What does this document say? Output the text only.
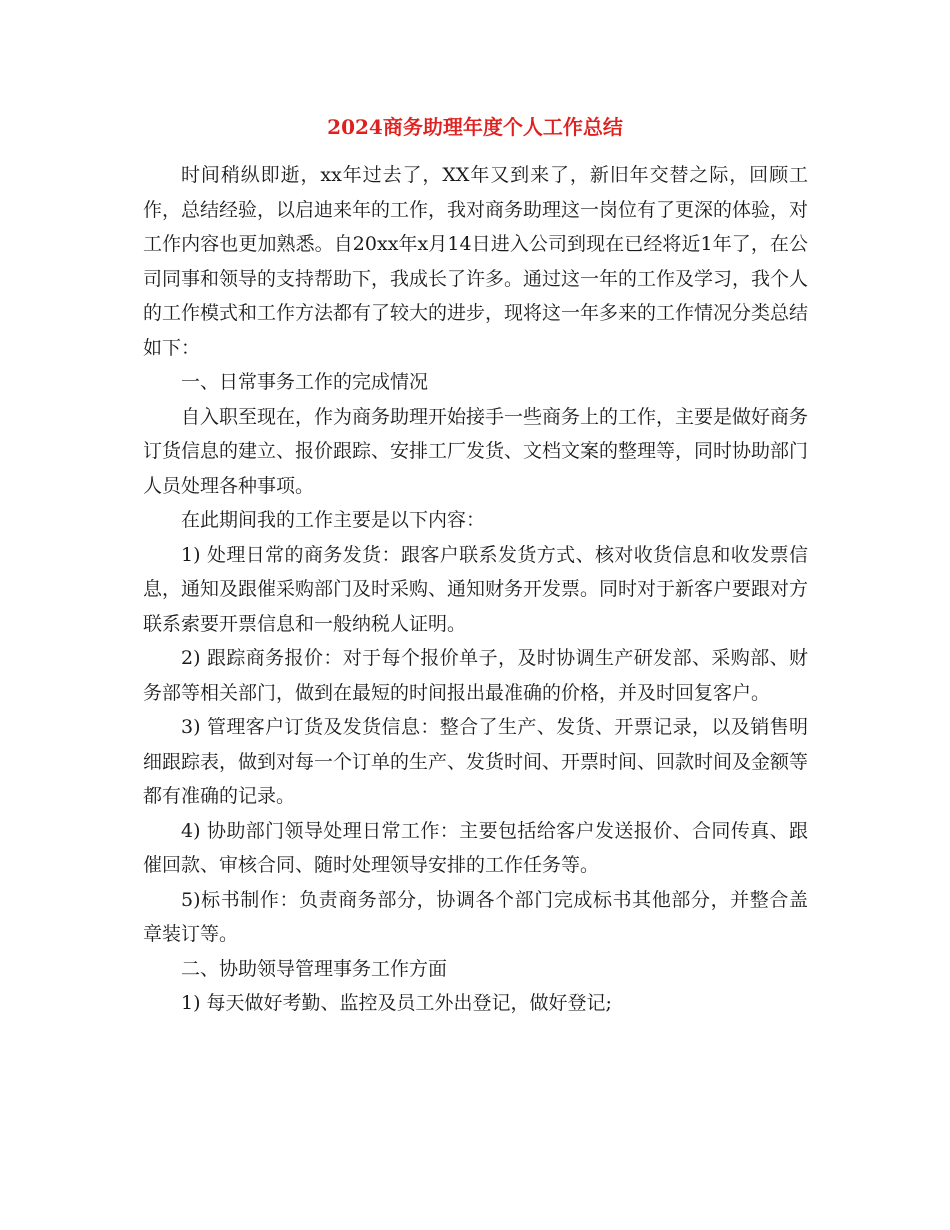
2024商务助理年度个人工作总结

时间稍纵即逝，xx年过去了，XX年又到来了，新旧年交替之际，回顾工作，总结经验，以启迪来年的工作，我对商务助理这一岗位有了更深的体验，对工作内容也更加熟悉。自20xx年x月14日进入公司到现在已经将近1年了，在公司同事和领导的支持帮助下，我成长了许多。通过这一年的工作及学习，我个人的工作模式和工作方法都有了较大的进步，现将这一年多来的工作情况分类总结如下：

一、日常事务工作的完成情况

自入职至现在，作为商务助理开始接手一些商务上的工作，主要是做好商务订货信息的建立、报价跟踪、安排工厂发货、文档文案的整理等，同时协助部门人员处理各种事项。

在此期间我的工作主要是以下内容：

1) 处理日常的商务发货：跟客户联系发货方式、核对收货信息和收发票信息，通知及跟催采购部门及时采购、通知财务开发票。同时对于新客户要跟对方联系索要开票信息和一般纳税人证明。

2) 跟踪商务报价：对于每个报价单子，及时协调生产研发部、采购部、财务部等相关部门，做到在最短的时间报出最准确的价格，并及时回复客户。

3) 管理客户订货及发货信息：整合了生产、发货、开票记录，以及销售明细跟踪表，做到对每一个订单的生产、发货时间、开票时间、回款时间及金额等都有准确的记录。

4) 协助部门领导处理日常工作：主要包括给客户发送报价、合同传真、跟催回款、审核合同、随时处理领导安排的工作任务等。

5)标书制作：负责商务部分，协调各个部门完成标书其他部分，并整合盖章装订等。

二、协助领导管理事务工作方面

1) 每天做好考勤、监控及员工外出登记，做好登记;
